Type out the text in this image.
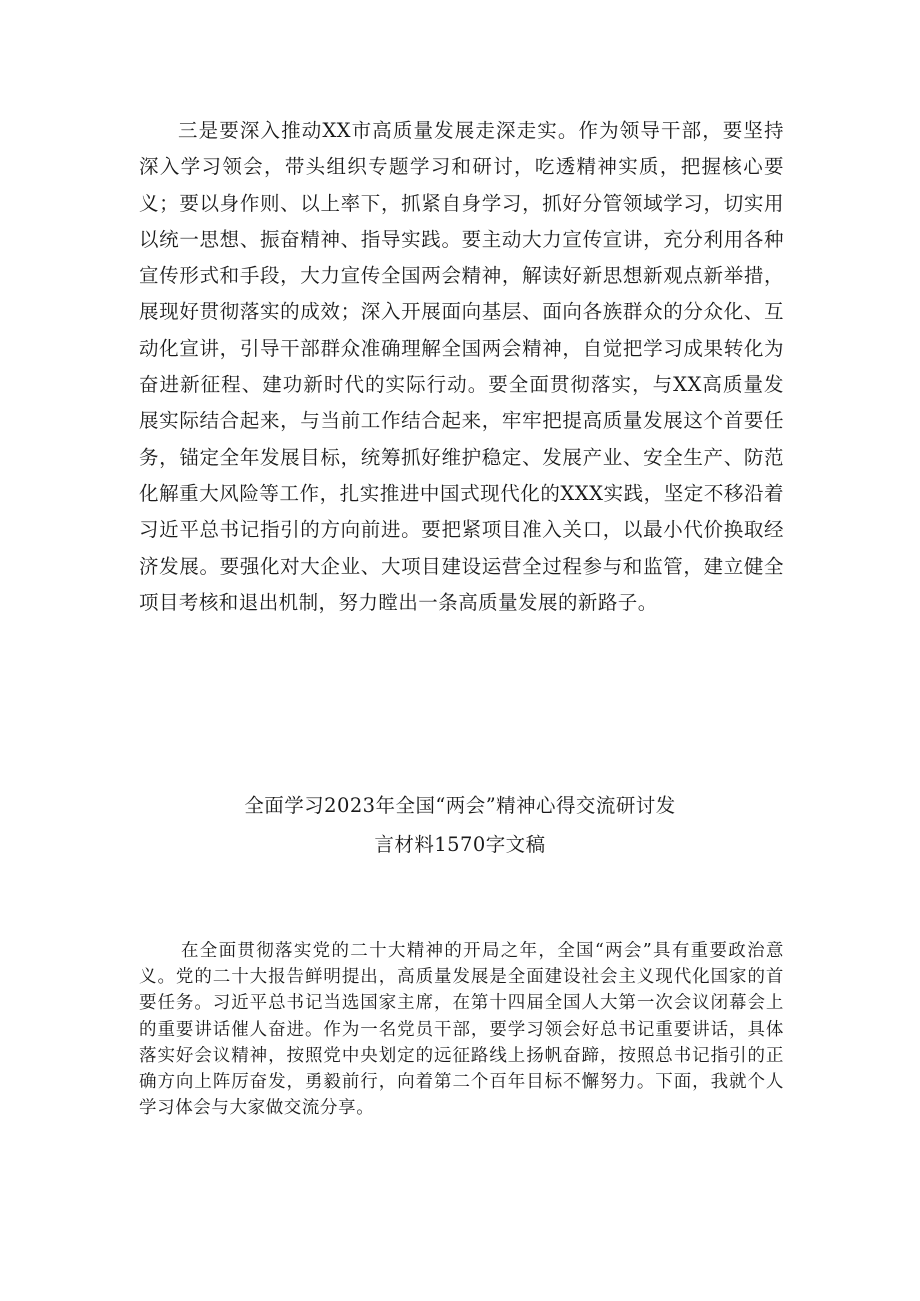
三是要深入推动XX市高质量发展走深走实。作为领导干部，要坚持深入学习领会，带头组织专题学习和研讨，吃透精神实质，把握核心要义；要以身作则、以上率下，抓紧自身学习，抓好分管领域学习，切实用以统一思想、振奋精神、指导实践。要主动大力宣传宣讲，充分利用各种宣传形式和手段，大力宣传全国两会精神，解读好新思想新观点新举措，展现好贯彻落实的成效；深入开展面向基层、面向各族群众的分众化、互动化宣讲，引导干部群众准确理解全国两会精神，自觉把学习成果转化为奋进新征程、建功新时代的实际行动。要全面贯彻落实，与XX高质量发展实际结合起来，与当前工作结合起来，牢牢把提高质量发展这个首要任务，锚定全年发展目标，统筹抓好维护稳定、发展产业、安全生产、防范化解重大风险等工作，扎实推进中国式现代化的XXX实践，坚定不移沿着习近平总书记指引的方向前进。要把紧项目准入关口，以最小代价换取经济发展。要强化对大企业、大项目建设运营全过程参与和监管，建立健全项目考核和退出机制，努力瞠出一条高质量发展的新路子。

全面学习2023年全国“两会”精神心得交流研讨发
言材料1570字文稿

在全面贯彻落实党的二十大精神的开局之年，全国“两会”具有重要政治意义。党的二十大报告鲜明提出，高质量发展是全面建设社会主义现代化国家的首要任务。习近平总书记当选国家主席，在第十四届全国人大第一次会议闭幕会上的重要讲话催人奋进。作为一名党员干部，要学习领会好总书记重要讲话，具体落实好会议精神，按照党中央划定的远征路线上扬帆奋蹄，按照总书记指引的正确方向上阵厉奋发，勇毅前行，向着第二个百年目标不懈努力。下面，我就个人学习体会与大家做交流分享。
